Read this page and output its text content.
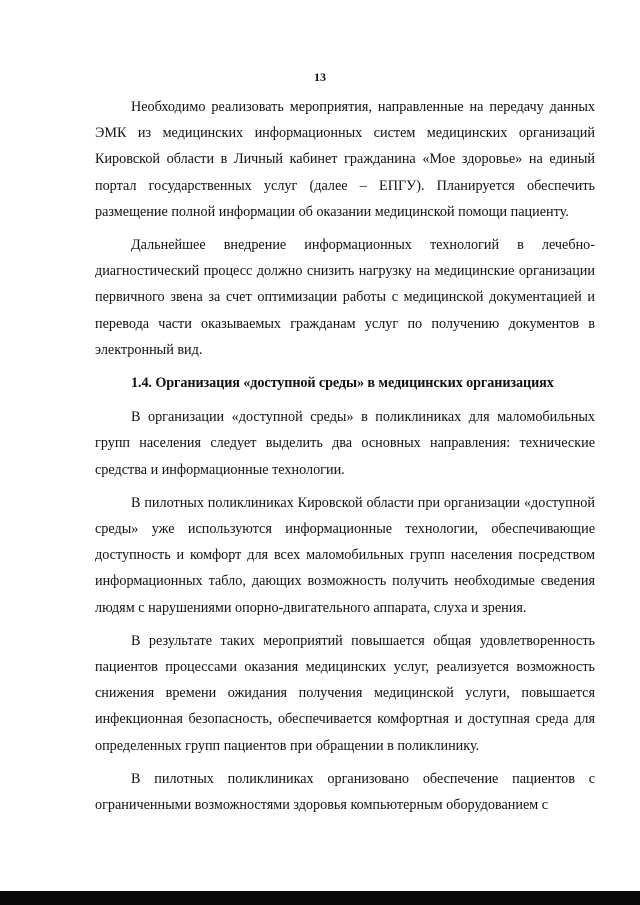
13

Необходимо реализовать мероприятия, направленные на передачу данных ЭМК из медицинских информационных систем медицинских организаций Кировской области в Личный кабинет гражданина «Мое здоровье» на единый портал государственных услуг (далее – ЕПГУ). Планируется обеспечить размещение полной информации об оказании медицинской помощи пациенту.

Дальнейшее внедрение информационных технологий в лечебно-диагностический процесс должно снизить нагрузку на медицинские организации первичного звена за счет оптимизации работы с медицинской документацией и перевода части оказываемых гражданам услуг по получению документов в электронный вид.

1.4. Организация «доступной среды» в медицинских организациях

В организации «доступной среды» в поликлиниках для маломобильных групп населения следует выделить два основных направления: технические средства и информационные технологии.

В пилотных поликлиниках Кировской области при организации «доступной среды» уже используются информационные технологии, обеспечивающие доступность и комфорт для всех маломобильных групп населения посредством информационных табло, дающих возможность получить необходимые сведения людям с нарушениями опорно-двигательного аппарата, слуха и зрения.

В результате таких мероприятий повышается общая удовлетворенность пациентов процессами оказания медицинских услуг, реализуется возможность снижения времени ожидания получения медицинской услуги, повышается инфекционная безопасность, обеспечивается комфортная и доступная среда для определенных групп пациентов при обращении в поликлинику.

В пилотных поликлиниках организовано обеспечение пациентов с ограниченными возможностями здоровья компьютерным оборудованием с
